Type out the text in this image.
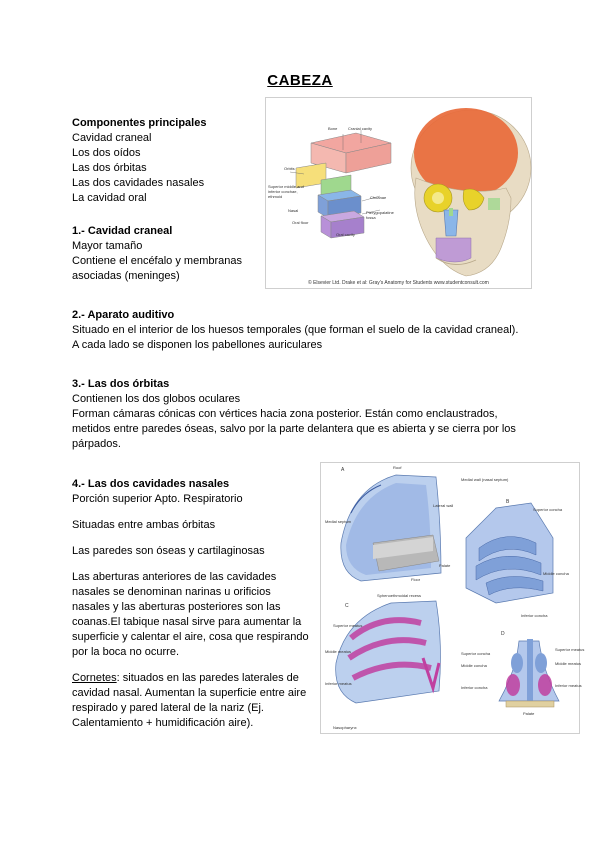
CABEZA
Componentes principales
Cavidad craneal
Los dos oídos
Las dos órbitas
Las dos cavidades nasales
La cavidad oral
1.- Cavidad craneal
Mayor tamaño
Contiene el encéfalo y membranas
asociadas (meninges)
Bone	Cranial cavity
Orbits
Superior middle and inferior conchae, ethmoid
Nasal
Oral floor
Choanae
Pterygopalatine fossa
Oral cavity
© Elsevier Ltd. Drake et al: Gray's Anatomy for Students www.studentconsult.com
2.- Aparato auditivo
Situado en el interior de los huesos temporales (que forman el suelo de la cavidad craneal).
A cada lado se disponen los pabellones auriculares
3.- Las dos órbitas
Contienen los dos globos oculares
Forman cámaras cónicas con vértices hacia zona posterior. Están como enclaustrados,
metidos entre paredes óseas, salvo por la parte delantera que es abierta y se cierra por los
párpados.
4.- Las dos cavidades nasales
Porción superior Apto. Respiratorio
Situadas entre ambas órbitas
Las paredes son óseas y cartilaginosas
Las aberturas anteriores de las cavidades
nasales se denominan narinas u orificios
nasales y las aberturas posteriores son las
coanas.El tabique nasal sirve para aumentar la
superficie y calentar el aire, cosa que respirando
por la boca no ocurre.
Cornetes: situados en las paredes laterales de
cavidad nasal. Aumentan la superficie entre aire
respirado y pared lateral de la nariz (Ej.
Calentamiento + humidificación aire).
A
B
C
D
Roof
Medial wall (nasal septum)
Lateral wall
Medial septum
Floor
Palate
Superior concha
Middle concha
Inferior concha
Superior meatus
Middle meatus
Inferior meatus
Sphenoethmoidal recess
Nasopharynx
Superior concha
Middle concha
Inferior concha
Superior meatus
Middle meatus
Inferior meatus
Palate
